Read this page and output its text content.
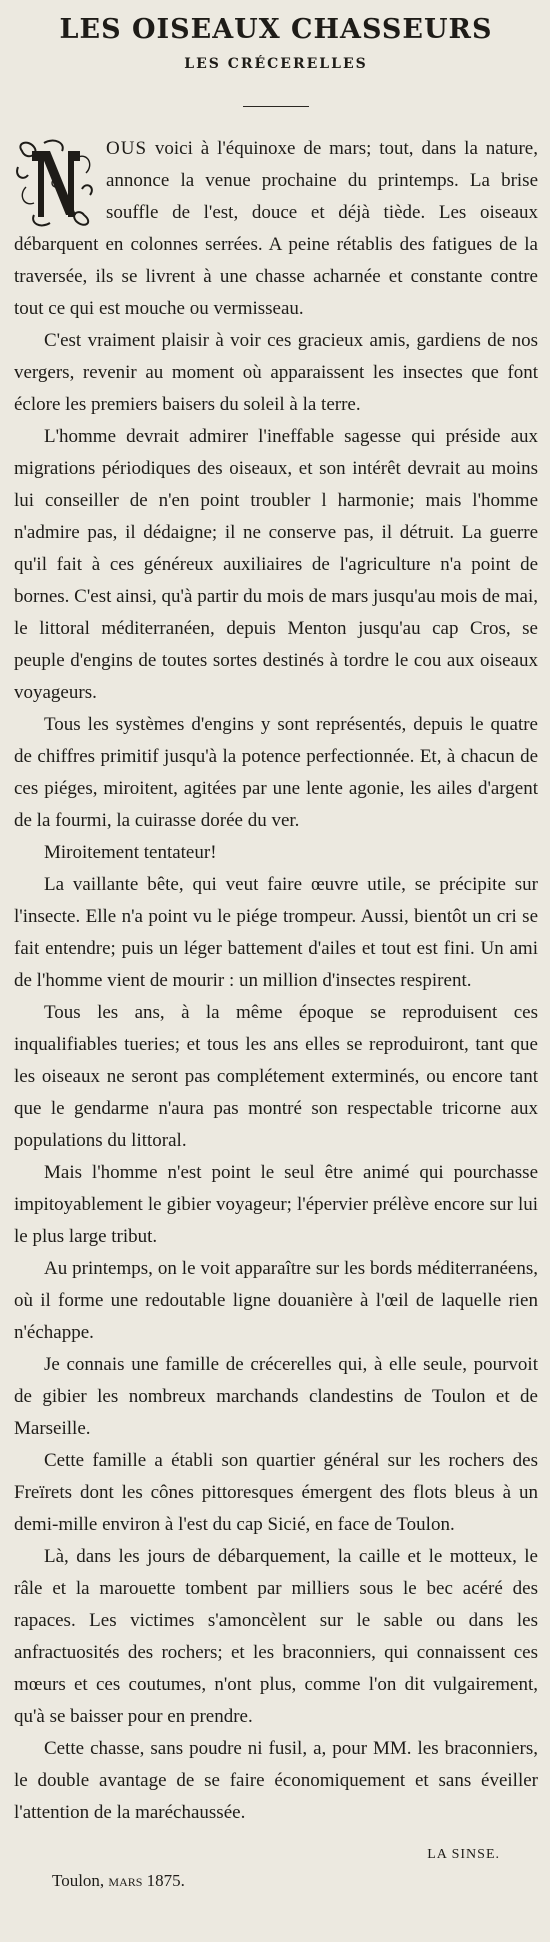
LES OISEAUX CHASSEURS
LES CRÉCERELLES

OUS voici à l'équinoxe de mars; tout, dans la nature, annonce la venue prochaine du printemps. La brise souffle de l'est, douce et déjà tiède. Les oiseaux débarquent en colonnes serrées. A peine rétablis des fatigues de la traversée, ils se livrent à une chasse acharnée et constante contre tout ce qui est mouche ou vermisseau.

C'est vraiment plaisir à voir ces gracieux amis, gardiens de nos vergers, revenir au moment où apparaissent les insectes que font éclore les premiers baisers du soleil à la terre.

L'homme devrait admirer l'ineffable sagesse qui préside aux migrations périodiques des oiseaux, et son intérêt devrait au moins lui conseiller de n'en point troubler l harmonie; mais l'homme n'admire pas, il dédaigne; il ne conserve pas, il détruit. La guerre qu'il fait à ces généreux auxiliaires de l'agriculture n'a point de bornes. C'est ainsi, qu'à partir du mois de mars jusqu'au mois de mai, le littoral méditerranéen, depuis Menton jusqu'au cap Cros, se peuple d'engins de toutes sortes destinés à tordre le cou aux oiseaux voyageurs.

Tous les systèmes d'engins y sont représentés, depuis le quatre de chiffres primitif jusqu'à la potence perfectionnée. Et, à chacun de ces piéges, miroitent, agitées par une lente agonie, les ailes d'argent de la fourmi, la cuirasse dorée du ver.

Miroitement tentateur!

La vaillante bête, qui veut faire œuvre utile, se précipite sur l'insecte. Elle n'a point vu le piége trompeur. Aussi, bientôt un cri se fait entendre; puis un léger battement d'ailes et tout est fini. Un ami de l'homme vient de mourir : un million d'insectes respirent.

Tous les ans, à la même époque se reproduisent ces inqualifiables tueries; et tous les ans elles se reproduiront, tant que les oiseaux ne seront pas complétement exterminés, ou encore tant que le gendarme n'aura pas montré son respectable tricorne aux populations du littoral.

Mais l'homme n'est point le seul être animé qui pourchasse impitoyablement le gibier voyageur; l'épervier prélève encore sur lui le plus large tribut.

Au printemps, on le voit apparaître sur les bords méditerranéens, où il forme une redoutable ligne douanière à l'œil de laquelle rien n'échappe.

Je connais une famille de crécerelles qui, à elle seule, pourvoit de gibier les nombreux marchands clandestins de Toulon et de Marseille.

Cette famille a établi son quartier général sur les rochers des Freïrets dont les cônes pittoresques émergent des flots bleus à un demi-mille environ à l'est du cap Sicié, en face de Toulon.

Là, dans les jours de débarquement, la caille et le motteux, le râle et la marouette tombent par milliers sous le bec acéré des rapaces. Les victimes s'amoncèlent sur le sable ou dans les anfractuosités des rochers; et les braconniers, qui connaissent ces mœurs et ces coutumes, n'ont plus, comme l'on dit vulgairement, qu'à se baisser pour en prendre.

Cette chasse, sans poudre ni fusil, a, pour MM. les braconniers, le double avantage de se faire économiquement et sans éveiller l'attention de la maréchaussée.

LA SINSE.
Toulon, mars 1875.
